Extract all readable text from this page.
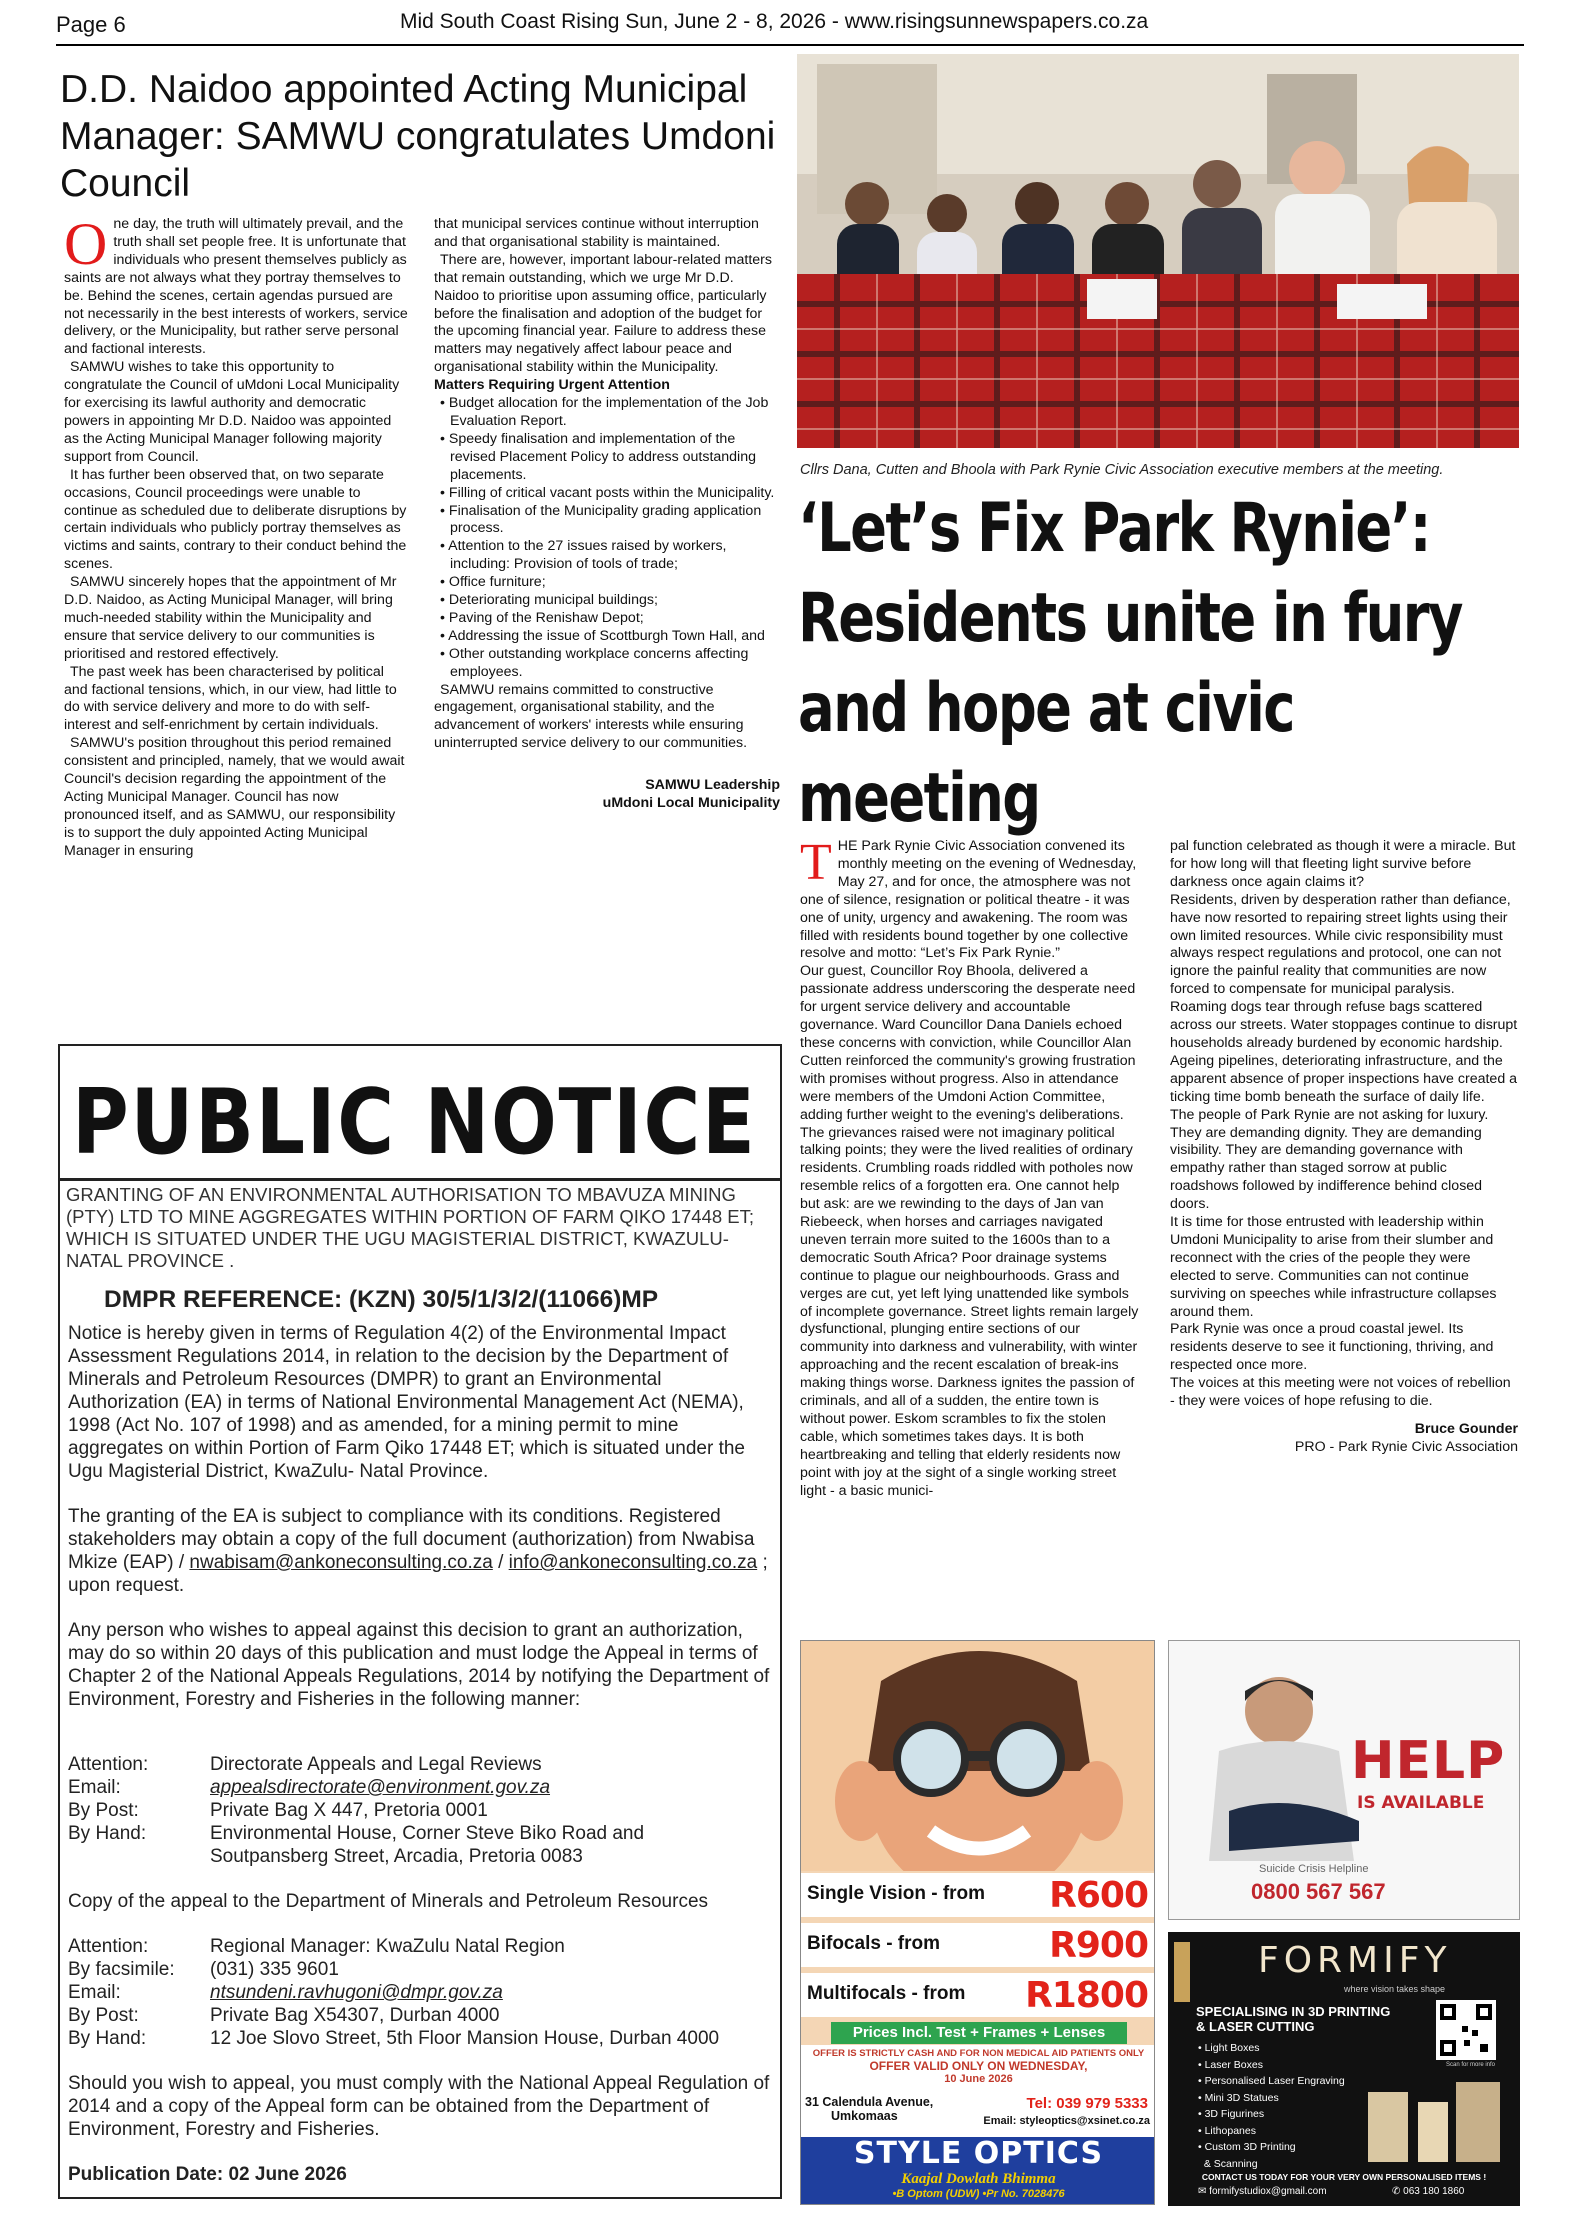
Page 6	Mid South Coast Rising Sun, June 2 - 8, 2026 - www.risingsunnewspapers.co.za
D.D. Naidoo appointed Acting Municipal Manager: SAMWU congratulates Umdoni Council

One day, the truth will ultimately prevail, and the truth shall set people free. It is unfortunate that individuals who present themselves publicly as saints are not always what they portray themselves to be. Behind the scenes, certain agendas pursued are not necessarily in the best interests of workers, service delivery, or the Municipality, but rather serve personal and factional interests.

SAMWU wishes to take this opportunity to congratulate the Council of uMdoni Local Municipality for exercising its lawful authority and democratic powers in appointing Mr D.D. Naidoo was appointed as the Acting Municipal Manager following majority support from Council.

It has further been observed that, on two separate occasions, Council proceedings were unable to continue as scheduled due to deliberate disruptions by certain individuals who publicly portray themselves as victims and saints, contrary to their conduct behind the scenes.

SAMWU sincerely hopes that the appointment of Mr D.D. Naidoo, as Acting Municipal Manager, will bring much-needed stability within the Municipality and ensure that service delivery to our communities is prioritised and restored effectively.

The past week has been characterised by political and factional tensions, which, in our view, had little to do with service delivery and more to do with self-interest and self-enrichment by certain individuals.

SAMWU's position throughout this period remained consistent and principled, namely, that we would await Council's decision regarding the appointment of the Acting Municipal Manager. Council has now pronounced itself, and as SAMWU, our responsibility is to support the duly appointed Acting Municipal Manager in ensuring

that municipal services continue without interruption and that organisational stability is maintained.

There are, however, important labour-related matters that remain outstanding, which we urge Mr D.D. Naidoo to prioritise upon assuming office, particularly before the finalisation and adoption of the budget for the upcoming financial year. Failure to address these matters may negatively affect labour peace and organisational stability within the Municipality.

Matters Requiring Urgent Attention

• Budget allocation for the implementation of the Job Evaluation Report.

• Speedy finalisation and implementation of the revised Placement Policy to address outstanding placements.

• Filling of critical vacant posts within the Municipality.

• Finalisation of the Municipality grading application process.

• Attention to the 27 issues raised by workers, including: Provision of tools of trade;

• Office furniture;

• Deteriorating municipal buildings;

• Paving of the Renishaw Depot;

• Addressing the issue of Scottburgh Town Hall, and

• Other outstanding workplace concerns affecting employees.

SAMWU remains committed to constructive engagement, organisational stability, and the advancement of workers' interests while ensuring uninterrupted service delivery to our communities.

SAMWU Leadership

uMdoni Local Municipality

Cllrs Dana, Cutten and Bhoola with Park Rynie Civic Association executive members at the meeting.
‘Let’s Fix Park Rynie’: Residents unite in fury and hope at civic meeting

THE Park Rynie Civic Association convened its monthly meeting on the evening of Wednesday, May 27, and for once, the atmosphere was not one of silence, resignation or political theatre - it was one of unity, urgency and awakening. The room was filled with residents bound together by one collective resolve and motto: “Let’s Fix Park Rynie.”

Our guest, Councillor Roy Bhoola, delivered a passionate address underscoring the desperate need for urgent service delivery and accountable governance. Ward Councillor Dana Daniels echoed these concerns with conviction, while Councillor Alan Cutten reinforced the community's growing frustration with promises without progress. Also in attendance were members of the Umdoni Action Committee, adding further weight to the evening's deliberations.

The grievances raised were not imaginary political talking points; they were the lived realities of ordinary residents. Crumbling roads riddled with potholes now resemble relics of a forgotten era. One cannot help but ask: are we rewinding to the days of Jan van Riebeeck, when horses and carriages navigated uneven terrain more suited to the 1600s than to a democratic South Africa? Poor drainage systems continue to plague our neighbourhoods. Grass and verges are cut, yet left lying unattended like symbols of incomplete governance. Street lights remain largely dysfunctional, plunging entire sections of our community into darkness and vulnerability, with winter approaching and the recent escalation of break-ins making things worse. Darkness ignites the passion of criminals, and all of a sudden, the entire town is without power. Eskom scrambles to fix the stolen cable, which sometimes takes days. It is both heartbreaking and telling that elderly residents now point with joy at the sight of a single working street light - a basic munici-

pal function celebrated as though it were a miracle. But for how long will that fleeting light survive before darkness once again claims it?

Residents, driven by desperation rather than defiance, have now resorted to repairing street lights using their own limited resources. While civic responsibility must always respect regulations and protocol, one can not ignore the painful reality that communities are now forced to compensate for municipal paralysis.

Roaming dogs tear through refuse bags scattered across our streets. Water stoppages continue to disrupt households already burdened by economic hardship. Ageing pipelines, deteriorating infrastructure, and the apparent absence of proper inspections have created a ticking time bomb beneath the surface of daily life.

The people of Park Rynie are not asking for luxury. They are demanding dignity. They are demanding visibility. They are demanding governance with empathy rather than staged sorrow at public roadshows followed by indifference behind closed doors.

It is time for those entrusted with leadership within Umdoni Municipality to arise from their slumber and reconnect with the cries of the people they were elected to serve. Communities can not continue surviving on speeches while infrastructure collapses around them.

Park Rynie was once a proud coastal jewel. Its residents deserve to see it functioning, thriving, and respected once more.

The voices at this meeting were not voices of rebellion - they were voices of hope refusing to die.

Bruce Gounder

PRO - Park Rynie Civic Association

PUBLIC NOTICE
GRANTING OF AN ENVIRONMENTAL AUTHORISATION TO MBAVUZA MINING (PTY) LTD TO MINE AGGREGATES WITHIN PORTION OF FARM QIKO 17448 ET; WHICH IS SITUATED UNDER THE UGU MAGISTERIAL DISTRICT, KWAZULU- NATAL PROVINCE .
DMPR REFERENCE: (KZN) 30/5/1/3/2/(11066)MP

Notice is hereby given in terms of Regulation 4(2) of the Environmental Impact Assessment Regulations 2014, in relation to the decision by the Department of Minerals and Petroleum Resources (DMPR) to grant an Environmental Authorization (EA) in terms of National Environmental Management Act (NEMA), 1998 (Act No. 107 of 1998) and as amended, for a mining permit to mine aggregates on within Portion of Farm Qiko 17448 ET; which is situated under the Ugu Magisterial District, KwaZulu- Natal Province.

The granting of the EA is subject to compliance with its conditions. Registered stakeholders may obtain a copy of the full document (authorization) from Nwabisa Mkize (EAP) / nwabisam@ankoneconsulting.co.za / info@ankoneconsulting.co.za ; upon request.

Any person who wishes to appeal against this decision to grant an authorization, may do so within 20 days of this publication and must lodge the Appeal in terms of Chapter 2 of the National Appeals Regulations, 2014 by notifying the Department of Environment, Forestry and Fisheries in the following manner:

Attention:	Directorate Appeals and Legal Reviews
Email:	appealsdirectorate@environment.gov.za
By Post:	Private Bag X 447, Pretoria 0001
By Hand:	Environmental House, Corner Steve Biko Road and
Soutpansberg Street, Arcadia, Pretoria 0083

Copy of the appeal to the Department of Minerals and Petroleum Resources

Attention:	Regional Manager: KwaZulu Natal Region
By facsimile:	(031) 335 9601
Email:	ntsundeni.ravhugoni@dmpr.gov.za
By Post:	Private Bag X54307, Durban 4000
By Hand:	12 Joe Slovo Street, 5th Floor Mansion House, Durban 4000

Should you wish to appeal, you must comply with the National Appeal Regulation of 2014 and a copy of the Appeal form can be obtained from the Department of Environment, Forestry and Fisheries.

Publication Date: 02 June 2026

Single Vision - from R600
Bifocals - from	R900
Multifocals - from R1800
Prices Incl. Test + Frames + Lenses
OFFER IS STRICTLY CASH AND FOR NON MEDICAL AID PATIENTS ONLY
OFFER VALID ONLY ON WEDNESDAY,
10 June 2026
31 Calendula Avenue,
Umkomaas
Tel: 039 979 5333
Email: styleoptics@xsinet.co.za
STYLE OPTICS
Kaajal Dowlath Bhimma
•B Optom (UDW) •Pr No. 7028476
HELP
IS AVAILABLE
Suicide Crisis Helpline
0800 567 567
FORMIFY
where vision takes shape
SPECIALISING IN 3D PRINTING
& LASER CUTTING
• Light Boxes
• Laser Boxes
• Personalised Laser Engraving
• Mini 3D Statues
• 3D Figurines
• Lithopanes
• Custom 3D Printing
& Scanning
Scan for more info
CONTACT US TODAY FOR YOUR VERY OWN PERSONALISED ITEMS !
✉ formifystudiox@gmail.com	✆ 063 180 1860
